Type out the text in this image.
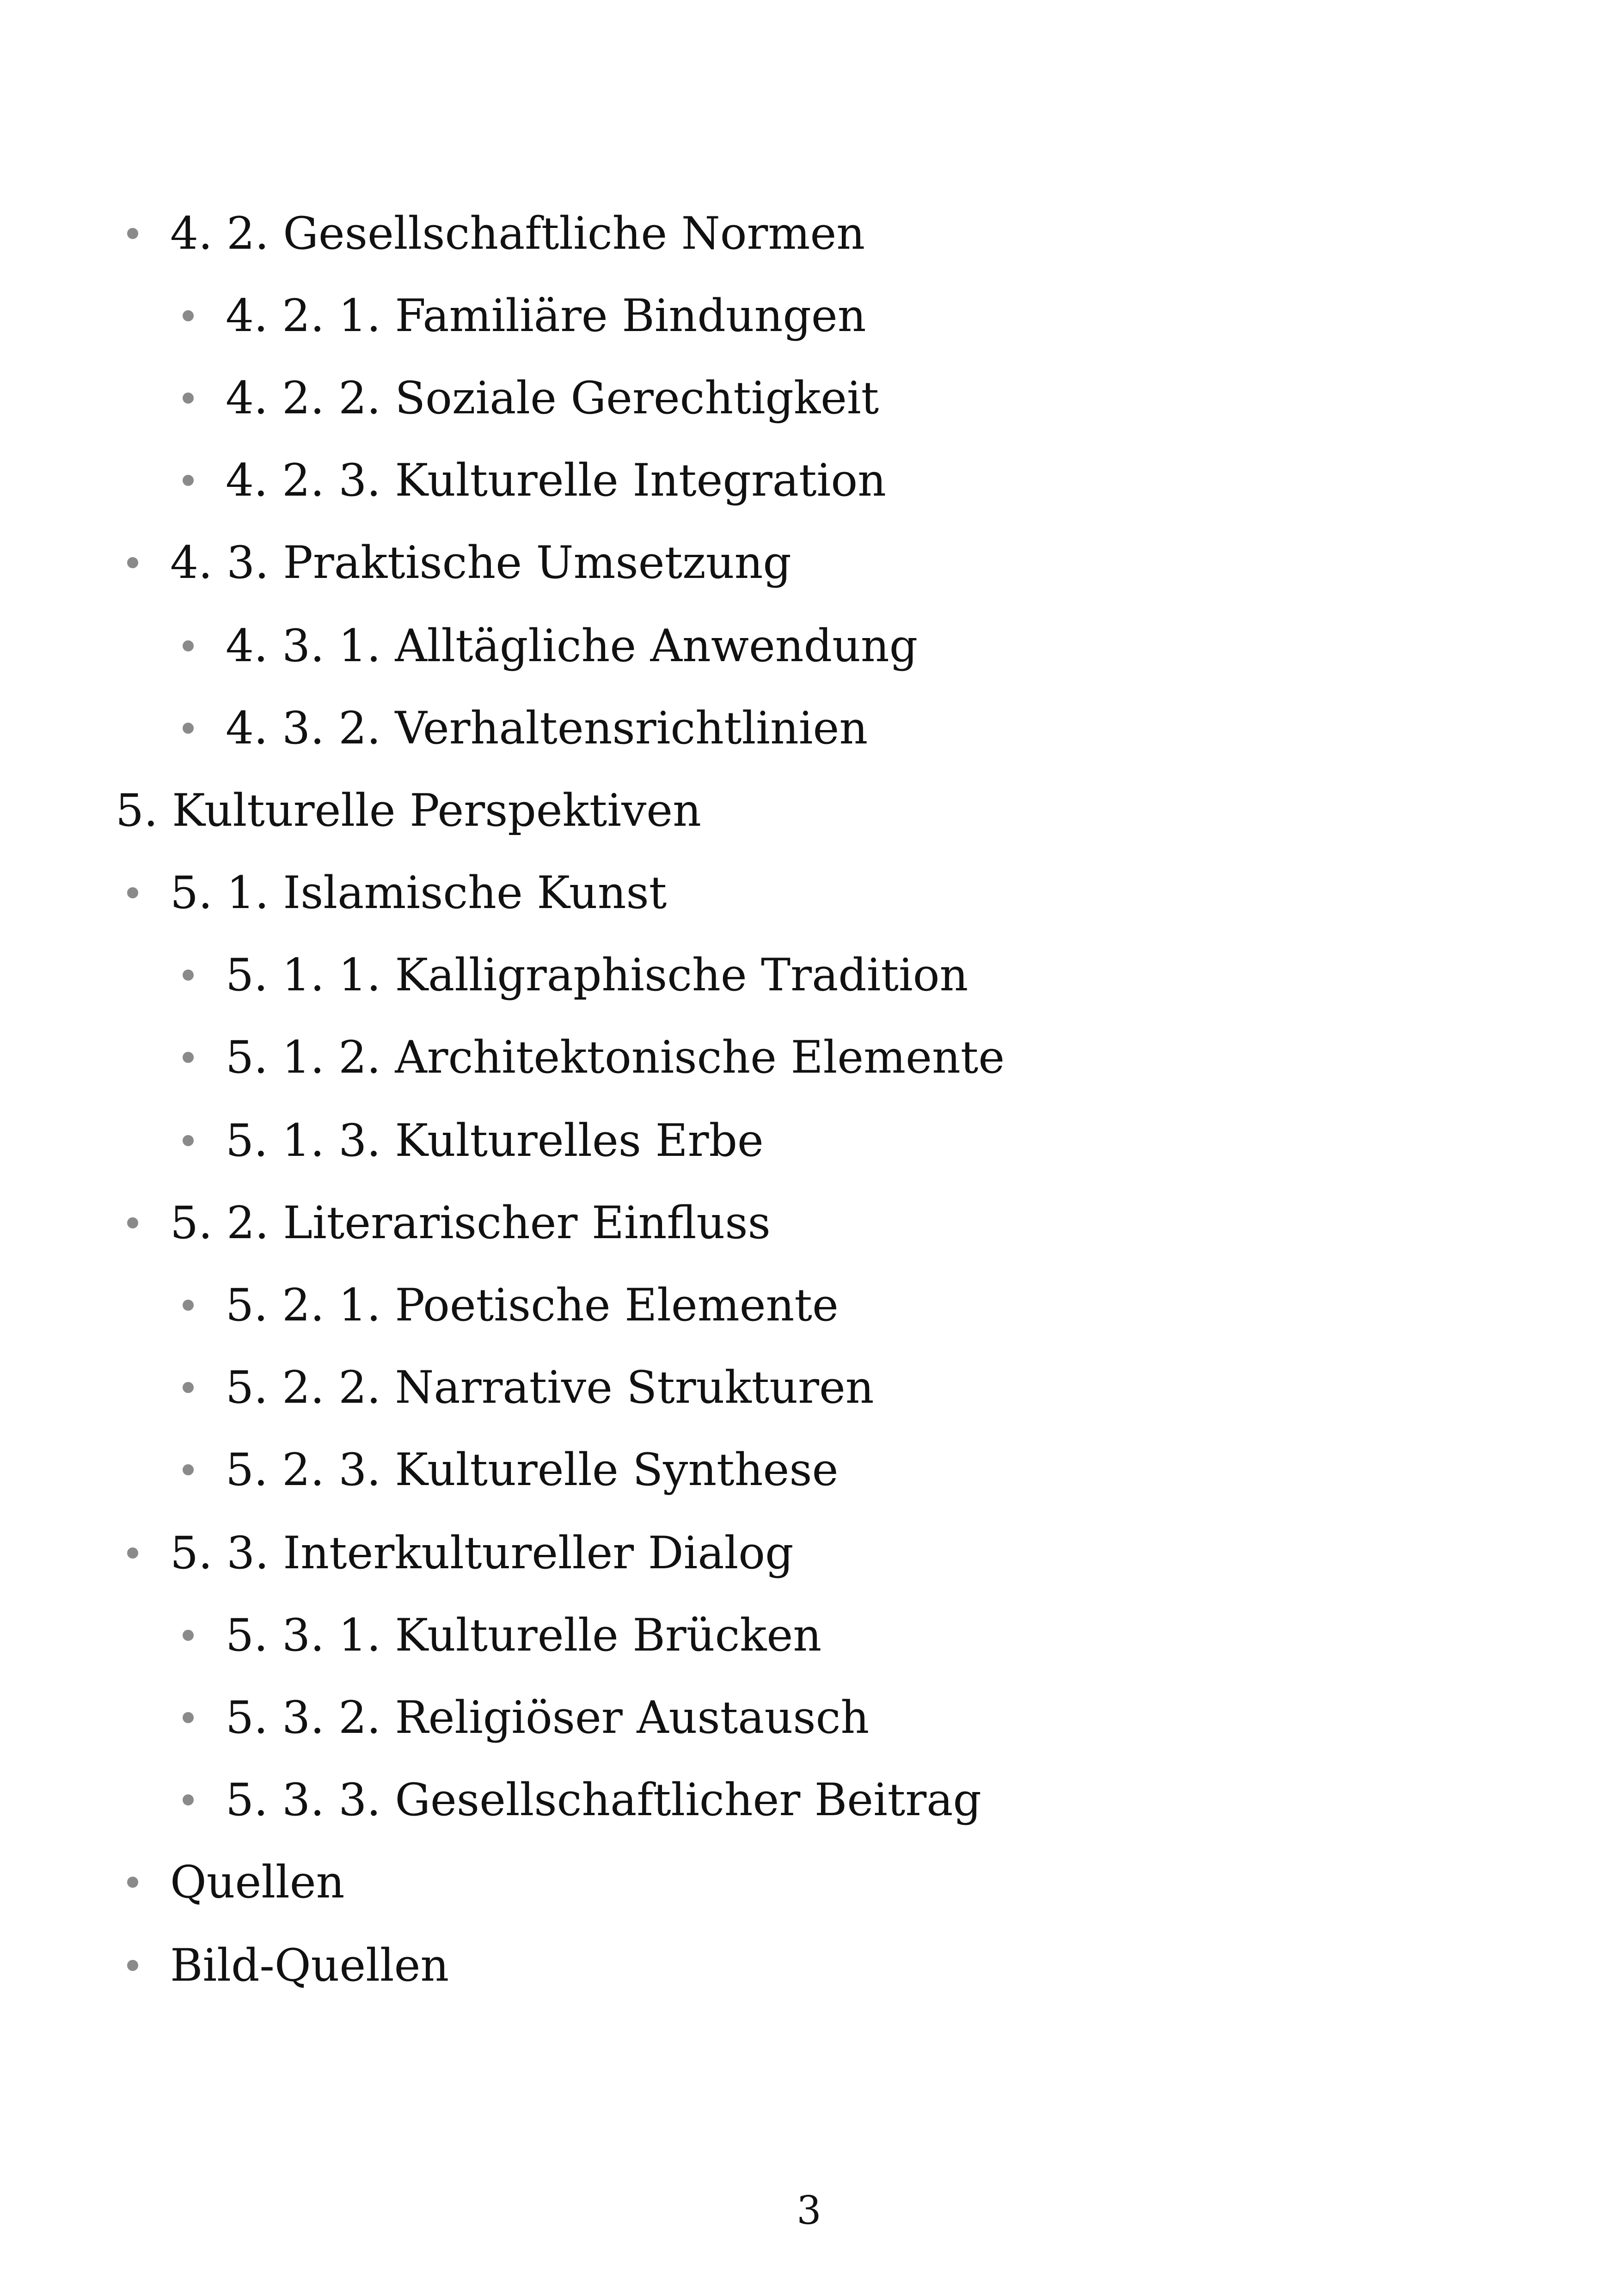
4. 2. Gesellschaftliche Normen
4. 2. 1. Familiäre Bindungen
4. 2. 2. Soziale Gerechtigkeit
4. 2. 3. Kulturelle Integration
4. 3. Praktische Umsetzung
4. 3. 1. Alltägliche Anwendung
4. 3. 2. Verhaltensrichtlinien
5. Kulturelle Perspektiven
5. 1. Islamische Kunst
5. 1. 1. Kalligraphische Tradition
5. 1. 2. Architektonische Elemente
5. 1. 3. Kulturelles Erbe
5. 2. Literarischer Einfluss
5. 2. 1. Poetische Elemente
5. 2. 2. Narrative Strukturen
5. 2. 3. Kulturelle Synthese
5. 3. Interkultureller Dialog
5. 3. 1. Kulturelle Brücken
5. 3. 2. Religiöser Austausch
5. 3. 3. Gesellschaftlicher Beitrag
Quellen
Bild-Quellen
3
